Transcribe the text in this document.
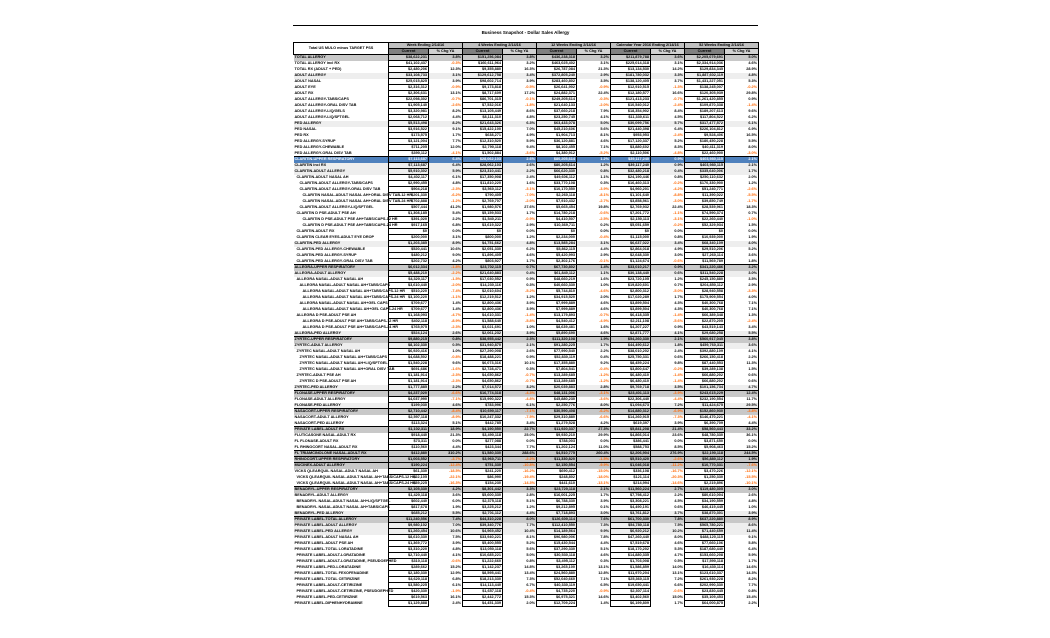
Business Snapshot - Dollar Sales Allergy
Total US MULO minus TARGET PSS	Week Ending 2/14/16		4 Weeks Ending 2/14/16		12 Weeks Ending 2/14/16		Calendar Year 2016 Ending 2/14/16		52 Weeks Ending 2/14/16	
	Current	% Chg YA	Current	% Chg YA	Current	% Chg YA	Current	% Chg YA	Current	% Chg YA
TOTAL ALLERGY	$38,622,231	3.8%	$151,256,084	3.8%	$436,238,318	3.2%	$211,879,788	3.6%	$2,205,079,691	5.0%
TOTAL ALLERGY incl RX	$41,102,437	-0.3%	$160,611,964	3.2%	$463,025,402	3.1%	$225,014,318	3.1%	$2,334,914,036	4.6%
TOTAL RX (ADULT + PED)	$2,480,206	12.3%	$9,355,880	16.3%	$26,787,084	21.3%	$13,134,530	14.2%	$129,834,345	28.9%
ADULT ALLERGY	$33,108,733	3.1%	$129,612,758	3.4%	$372,805,240	2.9%	$181,780,032	3.3%	$1,887,602,119	4.8%
ADULT NASAL	$25,015,825	3.9%	$98,602,714	3.9%	$283,460,802	3.5%	$138,120,405	3.7%	$1,431,227,051	5.3%
ADULT EYE	$2,316,312	-0.9%	$9,173,818	-0.5%	$26,641,902	-0.9%	$12,910,515	-1.3%	$138,245,007	-0.2%
ADULT RX	$2,306,631	13.1%	$8,717,609	17.2%	$24,882,371	22.4%	$12,180,577	16.6%	$120,305,939	29.8%
ADULT ALLERGY-TABS/CAPS	$22,098,302	-0.7%	$86,701,315	-0.1%	$249,205,614	-0.3%	$121,413,233	-0.7%	$1,261,420,855	0.9%
ADULT ALLERGY-ORAL DISV TAB	$1,905,140	-2.6%	$7,532,016	-1.8%	$21,640,133	-2.0%	$10,540,012	-2.4%	$109,870,338	-1.4%
ADULT ALLERGY-LIQ/GELS	$3,320,981	8.2%	$13,105,449	8.6%	$37,660,218	7.9%	$18,354,902	8.4%	$189,207,613	9.6%
ADULT ALLERGY-LIQ/SFTGEL	$2,068,712	4.4%	$8,111,310	4.8%	$23,250,745	4.1%	$11,330,611	4.5%	$117,804,522	6.2%
PED ALLERGY	$5,513,498	8.2%	$21,643,326	6.3%	$63,433,078	5.0%	$30,099,756	5.7%	$317,477,572	6.1%
PED NASAL	$3,916,522	9.1%	$15,422,100	7.0%	$45,210,606	5.6%	$21,440,398	6.4%	$226,104,812	6.9%
PED RX	$173,575	1.7%	$638,271	4.9%	$1,904,713	8.1%	$953,953	-2.4%	$9,528,406	16.5%
PED ALLERGY-SYRUP	$3,121,004	7.7%	$12,310,520	5.9%	$36,120,881	4.6%	$17,120,337	5.2%	$180,450,228	5.5%
PED ALLERGY-CHEWABLE	$711,205	12.0%	$2,790,118	9.4%	$8,102,455	7.1%	$3,880,602	8.3%	$40,411,319	8.0%
PED ALLERGY-ORAL DISV TAB	$390,112	-4.1%	$1,502,884	-3.6%	$4,380,912	-5.2%	$2,110,506	-4.8%	$22,460,900	-3.0%
CLARITIN-UPPER RESPIRATORY	$7,113,687	6.4%	$28,062,103	2.6%	$80,205,614	1.2%	$39,117,240	0.9%	$403,980,115	2.1%
CLARITIN incl RX	$7,113,687	6.4%	$28,062,103	2.6%	$80,205,614	1.2%	$39,117,240	0.9%	$403,980,115	2.1%
CLARITIN-ADULT ALLERGY	$5,910,302	5.9%	$23,310,441	2.2%	$66,620,330	0.8%	$32,480,218	0.4%	$335,640,006	1.7%
CLARITIN-ADULT NASAL AH	$4,402,117	6.1%	$17,350,908	2.4%	$49,606,112	1.1%	$24,190,446	0.8%	$250,110,632	2.0%
CLARITIN-ADULT ALLERGY-TABS/CAPS	$2,990,455	4.8%	$11,810,220	1.6%	$33,770,108	0.3%	$16,460,313	-0.2%	$170,330,900	1.2%
CLARITIN-ADULT ALLERGY-ORAL DISV TAB	$904,218	-2.3%	$3,560,112	-3.1%	$10,170,550	-3.9%	$4,960,201	-4.2%	$51,240,771	-2.6%
CLARITIN NASAL-ADULT NASAL AH+ORAL DISV TAB-12 HR	$201,330	-6.2%	$790,405	-7.0%	$2,260,118	-8.1%	$1,101,640	-8.8%	$11,390,022	-5.5%
CLARITIN NASAL-ADULT NASAL AH+ORAL DISV TAB-24 HR	$702,888	-1.2%	$2,769,707	-2.0%	$7,910,432	-2.7%	$3,858,561	-3.0%	$39,850,749	-1.7%
CLARITIN-ADULT ALLERGY-LIQ/SFTGEL	$507,444	41.2%	$1,980,576	27.6%	$5,665,454	19.8%	$2,769,932	22.4%	$28,539,961	18.3%
CLARITIN D PSE-ADULT PSE AH	$1,308,185	5.4%	$5,159,533	1.7%	$14,780,218	-0.6%	$7,201,772	-1.1%	$74,590,374	0.7%
CLARITIN D PSE-ADULT PSE AH+TABS/CAPS-12 HR	$391,020	2.2%	$1,540,211	-0.9%	$4,410,507	-2.5%	$2,150,113	-3.1%	$22,260,440	-1.0%
CLARITIN D PSE-ADULT PSE AH+TABS/CAPS-24 HR	$917,165	6.8%	$3,619,322	2.9%	$10,369,711	0.2%	$5,051,659	-0.2%	$52,329,934	1.5%
CLARITIN-ADULT RX	$0	0.0%	$0	0.0%	$0	0.0%	$0	0.0%	$0	0.0%
CLARITIN CLEAR EYES-ADULT EYE DROP	$200,000	3.1%	$800,000	1.2%	$2,234,000	-0.4%	$1,115,000	0.8%	$10,939,000	1.9%
CLARITIN-PED ALLERGY	$1,203,385	8.9%	$4,751,662	4.8%	$13,585,284	3.1%	$6,637,022	3.4%	$68,340,109	4.0%
CLARITIN-PED ALLERGY-CHEWABLE	$520,441	10.6%	$2,051,330	6.2%	$5,862,115	4.4%	$2,864,018	4.9%	$29,510,206	5.2%
CLARITIN-PED ALLERGY-SYRUP	$480,212	9.0%	$1,896,405	4.6%	$5,420,993	2.9%	$2,648,330	3.0%	$27,260,114	3.6%
CLARITIN-PED ALLERGY-ORAL DISV TAB	$202,732	4.2%	$803,927	1.7%	$2,302,176	-0.1%	$1,124,674	-0.6%	$11,569,789	1.8%
ALLEGRA-UPPER RESPIRATORY	$6,012,334	-1.8%	$23,702,115	0.7%	$67,730,802	1.4%	$33,010,217	0.9%	$341,220,486	3.2%
ALLEGRA-ADULT ALLERGY	$5,488,210	-2.2%	$21,640,883	0.4%	$61,840,112	1.1%	$30,138,440	0.6%	$311,540,228	3.0%
ALLEGRA NASAL-ADULT NASAL AH	$4,320,117	-1.5%	$17,030,552	0.9%	$48,660,219	1.6%	$23,720,105	1.2%	$245,150,880	3.5%
ALLEGRA NASAL-ADULT NASAL AH+TABS/CAPS	$3,610,440	-2.0%	$14,230,116	0.3%	$40,660,330	1.0%	$19,820,601	0.7%	$204,850,112	2.9%
ALLEGRA NASAL-ADULT NASAL AH+TABS/CAPS-12 HR	$510,220	-7.4%	$2,010,604	-5.2%	$5,744,810	-4.6%	$2,800,312	-5.0%	$28,940,558	-3.3%
ALLEGRA NASAL-ADULT NASAL AH+TABS/CAPS-24 HR	$3,100,220	-1.1%	$12,219,512	1.2%	$34,915,520	2.0%	$17,020,289	1.7%	$175,909,554	4.0%
ALLEGRA NASAL-ADULT NASAL AH+GEL CAPS	$709,677	1.4%	$2,800,436	3.9%	$7,999,889	4.6%	$3,899,504	4.3%	$40,300,768	7.1%
ALLEGRA NASAL-ADULT NASAL AH+GEL CAPS-24 HR	$709,677	1.4%	$2,800,436	3.9%	$7,999,889	4.6%	$3,899,504	4.3%	$40,300,768	7.1%
ALLEGRA D PSE-ADULT PSE AH	$1,168,093	-4.7%	$4,610,331	-1.4%	$13,179,893	-0.7%	$6,418,335	-1.4%	$66,389,348	1.3%
ALLEGRA D PSE-ADULT PSE AH+TABS/CAPS-12 HR	$402,118	-8.9%	$1,588,640	-5.8%	$4,540,412	-4.9%	$2,211,108	-5.6%	$22,870,205	-2.4%
ALLEGRA D PSE-ADULT PSE AH+TABS/CAPS-24 HR	$765,975	-2.3%	$3,021,691	1.0%	$8,639,481	1.6%	$4,207,227	0.9%	$43,519,143	3.4%
ALLEGRA-PED ALLERGY	$524,124	2.6%	$2,061,232	3.9%	$5,890,690	4.6%	$2,871,777	4.1%	$29,680,258	5.5%
ZYRTEC-UPPER RESPIRATORY	$9,880,215	0.8%	$38,955,442	2.3%	$111,320,108	1.9%	$54,260,330	2.1%	$560,917,045	3.8%
ZYRTEC-ADULT ALLERGY	$8,102,330	0.5%	$31,940,870	2.1%	$91,280,225	1.7%	$44,490,612	1.8%	$459,760,311	3.6%
ZYRTEC NASAL-ADULT NASAL AH	$6,920,416	1.0%	$27,290,008	2.6%	$77,990,540	2.2%	$38,010,202	2.4%	$392,880,109	4.1%
ZYRTEC NASAL-ADULT NASAL AH+TABS/CAPS	$4,688,502	-0.8%	$18,488,221	0.9%	$52,830,119	0.4%	$25,750,331	0.6%	$266,150,418	2.2%
ZYRTEC NASAL-ADULT NASAL AH+LIQ/SFTGEL	$1,540,228	9.6%	$6,073,316	10.1%	$17,355,880	9.2%	$8,459,224	9.8%	$87,440,553	11.3%
ZYRTEC NASAL-ADULT NASAL AH+ORAL DISV TAB	$691,686	-1.6%	$2,728,471	0.3%	$7,804,541	-0.4%	$3,800,647	-0.2%	$39,289,138	1.5%
ZYRTEC-ADULT PSE AH	$1,181,914	-2.3%	$4,650,862	-0.7%	$13,289,685	-1.2%	$6,480,410	-1.4%	$66,880,202	0.6%
ZYRTEC D PSE-ADULT PSE AH	$1,181,914	-2.3%	$4,650,862	-0.7%	$13,289,685	-1.2%	$6,480,410	-1.4%	$66,880,202	0.6%
ZYRTEC-PED ALLERGY	$1,777,885	2.2%	$7,014,572	3.2%	$20,039,883	2.8%	$9,769,718	3.5%	$101,156,734	4.7%
FLONASE-UPPER RESPIRATORY	$4,237,020	-6.6%	$16,774,318	-4.3%	$48,131,006	-3.1%	$23,401,113	-3.9%	$243,615,229	12.4%
FLONASE-ADULT ALLERGY	$4,037,990	-7.1%	$15,990,322	-4.8%	$45,880,230	-3.6%	$22,306,440	-4.4%	$232,190,554	11.7%
FLONASE-PED ALLERGY	$199,030	4.6%	$783,996	6.1%	$2,250,776	8.0%	$1,094,673	7.2%	$11,424,675	29.5%
NASACORT-UPPER RESPIRATORY	$2,710,442	-8.4%	$10,690,117	-7.1%	$30,590,408	-6.2%	$14,880,312	-6.9%	$152,860,930	-3.8%
NASACORT-ADULT ALLERGY	$2,597,118	-8.9%	$10,247,332	-7.5%	$29,310,880	-6.6%	$14,260,915	-7.3%	$146,470,221	-4.1%
NASACORT-PED ALLERGY	$113,324	5.1%	$442,785	3.4%	$1,279,528	4.2%	$619,397	3.9%	$6,390,709	4.4%
PRIVATE LABEL-ADULT RX	$1,102,311	18.9%	$4,190,550	22.7%	$11,920,337	27.3%	$5,841,208	21.4%	$58,560,443	33.2%
FLUTICASONE NASAL-ADULT RX	$918,440	21.3%	$3,490,118	25.0%	$9,930,210	29.9%	$4,866,014	23.6%	$48,780,330	36.1%
FL FLONASE-ADULT RX	$73,311	0.0%	$277,088	0.0%	$788,003	0.0%	$386,441	0.0%	$3,871,650	0.0%
FL RHINOCORT NASAL-ADULT RX	$110,560	4.4%	$423,344	7.7%	$1,202,124	11.0%	$588,753	8.5%	$5,908,463	15.2%
FL TRIAMCINOLONE NASAL-ADULT RX	$412,880	310.2%	$1,580,330	288.6%	$4,510,775	260.4%	$2,206,904	276.9%	$22,190,118	244.5%
RHINOCORT-UPPER RESPIRATORY	$1,003,552	-3.7%	$3,960,711	-2.2%	$11,330,820	-1.5%	$5,510,420	-2.6%	$56,880,112	1.9%
MUCINEX-ADULT ALLERGY	$190,224	-12.4%	$751,330	-10.8%	$2,150,554	-9.9%	$1,046,018	-11.2%	$10,770,331	-7.6%
VICKS QLEARQUIL NASAL-ADULT NASAL AH	$61,330	-18.5%	$241,220	-16.2%	$690,412	-15.0%	$336,108	-16.7%	$3,470,226	-12.1%
VICKS QLEARQUIL NASAL-ADULT NASAL AH+TABS/CAPS-12 HR	$22,105	-22.1%	$86,990	-19.4%	$248,802	-18.0%	$121,114	-20.3%	$1,250,330	-15.5%
VICKS QLEARQUIL NASAL-ADULT NASAL AH+TABS/CAPS-24 HR	$39,225	-16.3%	$154,230	-14.3%	$441,610	-13.1%	$214,994	-14.6%	$2,219,896	-10.1%
BENADRYL-UPPER RESPIRATORY	$2,105,330	4.2%	$8,301,442	3.3%	$23,720,118	2.1%	$11,560,224	2.7%	$119,480,305	3.0%
BENADRYL-ADULT ALLERGY	$1,420,118	3.6%	$5,600,330	2.8%	$16,001,225	1.7%	$7,798,412	2.2%	$80,610,004	2.6%
BENADRYL NASAL-ADULT NASAL AH+LIQ/SFTGEL	$602,440	6.0%	$2,375,118	5.1%	$6,788,330	3.9%	$3,308,221	4.5%	$34,190,559	4.8%
BENADRYL NASAL-ADULT NASAL AH+TABS/CAPS	$817,678	1.9%	$3,225,212	1.2%	$9,212,895	0.1%	$4,490,191	0.6%	$46,419,445	1.0%
BENADRYL-PED ALLERGY	$685,212	5.5%	$2,701,112	4.4%	$7,718,893	3.0%	$3,761,812	3.7%	$38,870,301	3.9%
PRIVATE LABEL-TOTAL ALLERGY	$11,240,556	7.4%	$44,310,228	8.0%	$126,600,114	7.6%	$61,700,330	7.8%	$637,220,880	8.9%
PRIVATE LABEL-ADULT ALLERGY	$9,980,102	7.0%	$39,340,776	7.7%	$112,410,550	7.3%	$54,780,118	7.5%	$565,780,221	8.6%
PRIVATE LABEL-PED ALLERGY	$1,260,454	10.6%	$4,969,452	10.4%	$14,189,564	9.9%	$6,920,212	10.2%	$71,440,659	11.4%
PRIVATE LABEL-ADULT NASAL AH	$8,610,330	7.5%	$33,940,221	8.1%	$96,980,006	7.8%	$47,260,440	8.0%	$488,120,115	9.1%
PRIVATE LABEL-ADULT PSE AH	$1,369,772	3.9%	$5,400,555	5.2%	$15,430,544	4.4%	$7,519,678	4.6%	$77,660,106	5.8%
PRIVATE LABEL-TOTAL LORATADINE	$3,310,220	4.8%	$13,050,118	5.6%	$37,290,330	5.1%	$18,170,202	5.3%	$187,680,440	6.4%
PRIVATE LABEL-ADULT-LORATADINE	$2,710,440	4.1%	$10,685,221	5.0%	$30,530,118	4.6%	$14,880,335	4.7%	$153,660,208	5.9%
PRIVATE LABEL-ADULT-LORATADINE, PSEUDOEPHED	$310,118	-0.6%	$1,222,660	0.8%	$3,495,112	0.3%	$1,703,008	0.5%	$17,590,118	1.7%
PRIVATE LABEL-PED-LORATADINE	$289,662	15.2%	$1,142,237	14.8%	$3,265,100	13.1%	$1,586,859	14.0%	$16,430,114	14.6%
PRIVATE LABEL-TOTAL FEXOFENADINE	$2,180,330	12.9%	$8,595,441	13.4%	$24,560,880	12.8%	$11,970,204	13.1%	$123,610,337	14.3%
PRIVATE LABEL-TOTAL CETIRIZINE	$4,620,118	6.8%	$18,213,330	7.3%	$52,040,660	7.1%	$25,360,115	7.2%	$261,930,228	8.2%
PRIVATE LABEL-ADULT-CETIRIZINE	$3,580,225	6.1%	$14,113,440	6.7%	$40,330,119	6.5%	$19,650,441	6.6%	$202,990,330	7.7%
PRIVATE LABEL-ADULT-CETIRIZINE, PSEUDOEPHED	$420,330	-1.9%	$1,657,118	-0.4%	$4,735,220	-0.9%	$2,307,114	-0.6%	$23,830,445	0.8%
PRIVATE LABEL-PED-CETIRIZINE	$619,563	16.1%	$2,442,772	15.3%	$6,975,321	14.6%	$3,402,560	15.0%	$35,109,453	15.4%
PRIVATE LABEL-DIPHENHYDRAMINE	$1,129,888	2.4%	$4,451,339	2.0%	$12,709,224	1.4%	$6,199,809	1.7%	$64,000,875	2.2%
